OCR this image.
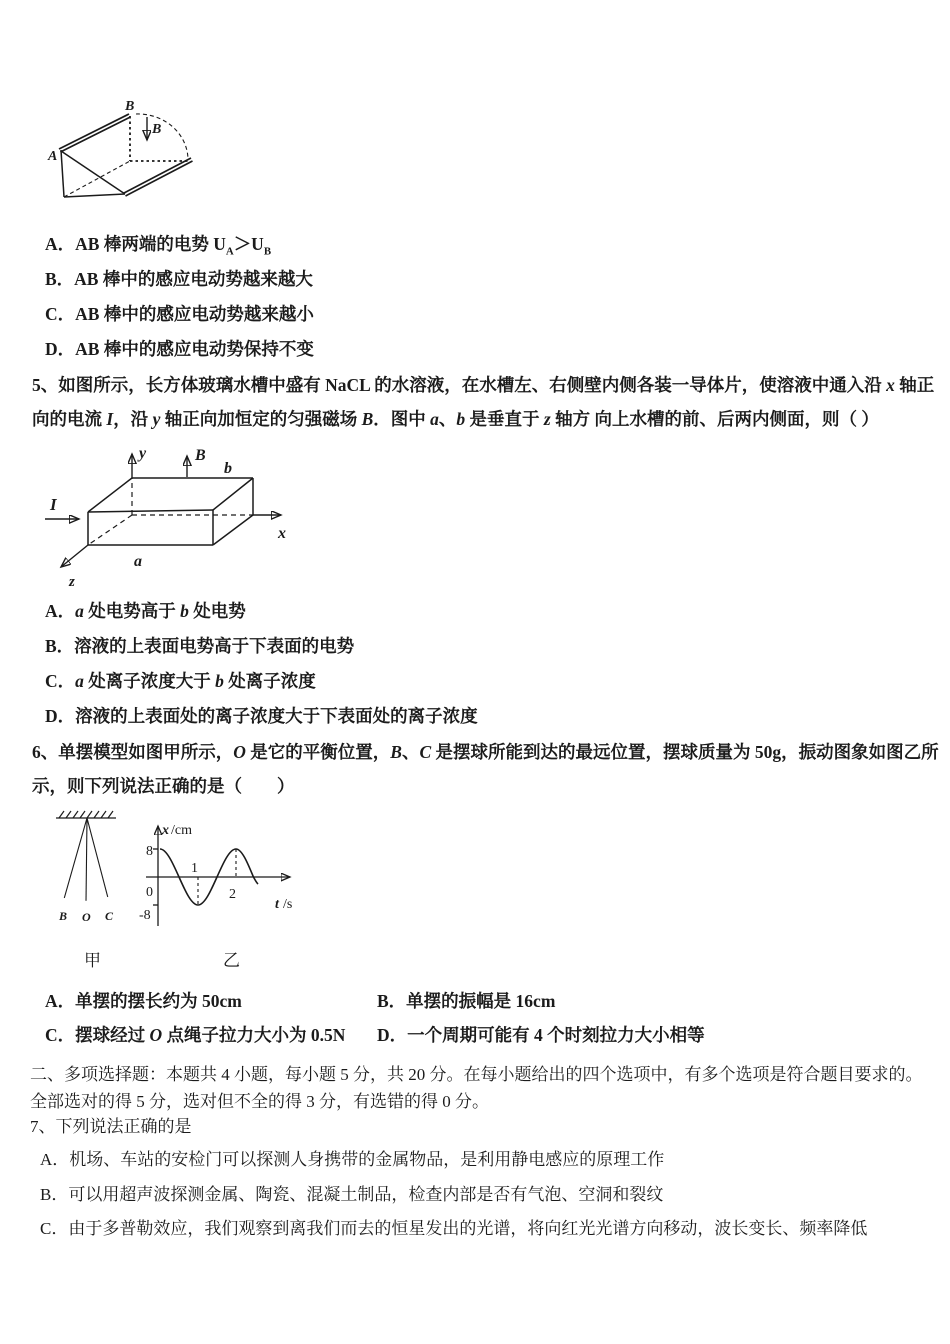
A
B
B
A．AB 棒两端的电势 $U_A>U_B$
B．AB 棒中的感应电动势越来越大
C．AB 棒中的感应电动势越来越小
D．AB 棒中的感应电动势保持不变
5、如图所示，长方体玻璃水槽中盛有 NaCL 的水溶液，在水槽左、右侧壁内侧各装一导体片，使溶液中通入沿 x 轴正
向的电流 I，沿 y 轴正向加恒定的匀强磁场 B．图中 a、b 是垂直于 z 轴方 向上水槽的前、后两内侧面，则（ ）
y	B
b
x
z
I
a
A．a 处电势高于 b 处电势
B．溶液的上表面电势高于下表面的电势
C．a 处离子浓度大于 b 处离子浓度
D．溶液的上表面处的离子浓度大于下表面处的离子浓度
6、单摆模型如图甲所示，O 是它的平衡位置，B、C 是摆球所能到达的最远位置，摆球质量为 50g，振动图象如图乙所
示，则下列说法正确的是（　　）
B O C
甲
x /cm
t /s
8
0
-8
1
2
乙
A．单摆的摆长约为 50cm	B．单摆的振幅是 16cm
C．摆球经过 O 点绳子拉力大小为 0.5N D．一个周期可能有 4 个时刻拉力大小相等
二、多项选择题：本题共 4 小题，每小题 5 分，共 20 分。在每小题给出的四个选项中，有多个选项是符合题目要求的。
全部选对的得 5 分，选对但不全的得 3 分，有选错的得 0 分。
7、下列说法正确的是
A．机场、车站的安检门可以探测人身携带的金属物品，是利用静电感应的原理工作
B．可以用超声波探测金属、陶瓷、混凝土制品，检查内部是否有气泡、空洞和裂纹
C．由于多普勒效应，我们观察到离我们而去的恒星发出的光谱，将向红光光谱方向移动，波长变长、频率降低
